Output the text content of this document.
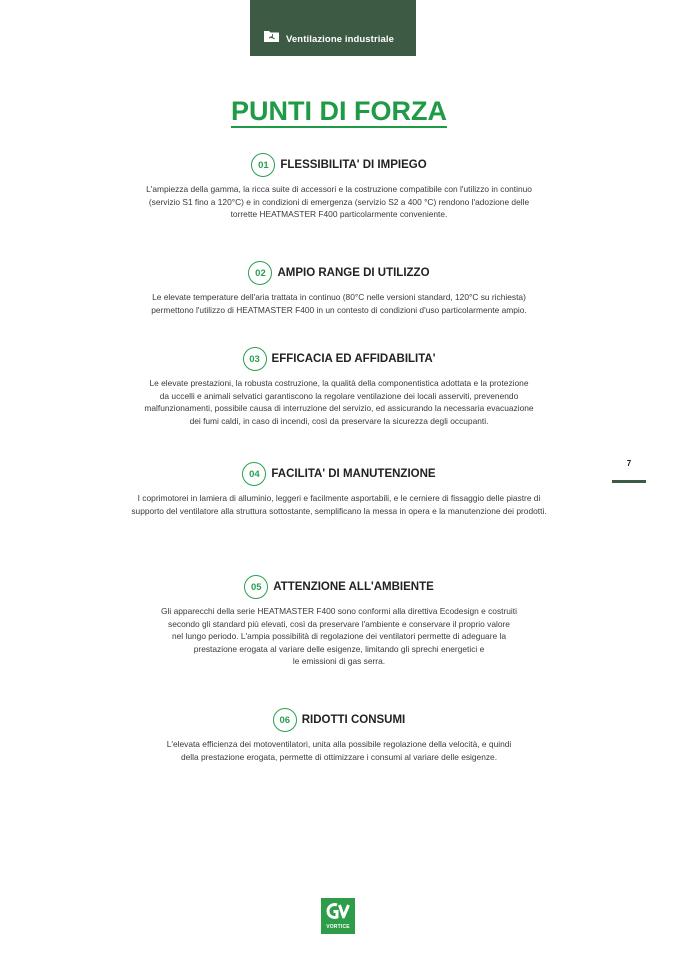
Ventilazione industriale
PUNTI DI FORZA
01	FLESSIBILITA' DI IMPIEGO

L'ampiezza della gamma, la ricca suite di accessori e la costruzione compatibile con l'utilizzo in continuo
(servizio S1 fino a 120°C) e in condizioni di emergenza (servizio S2 a 400 °C) rendono l'adozione delle
torrette HEATMASTER F400 particolarmente conveniente.

02	AMPIO RANGE DI UTILIZZO

Le elevate temperature dell'aria trattata in continuo (80°C nelle versioni standard, 120°C su richiesta)
permettono l'utilizzo di HEATMASTER F400 in un contesto di condizioni d'uso particolarmente ampio.

03	EFFICACIA ED AFFIDABILITA'

Le elevate prestazioni, la robusta costruzione, la qualità della componentistica adottata e la protezione
da uccelli e animali selvatici garantiscono la regolare ventilazione dei locali asserviti, prevenendo
malfunzionamenti, possibile causa di interruzione del servizio, ed assicurando la necessaria evacuazione
dei fumi caldi, in caso di incendi, così da preservare la sicurezza degli occupanti.

04	FACILITA' DI MANUTENZIONE

I coprimotorei in lamiera di alluminio, leggeri e facilmente asportabili, e le cerniere di fissaggio delle piastre di
supporto del ventilatore alla struttura sottostante, semplificano la messa in opera e la manutenzione dei prodotti.

05	ATTENZIONE ALL'AMBIENTE

Gli apparecchi della serie HEATMASTER F400 sono conformi alla direttiva Ecodesign e costruiti
secondo gli standard più elevati, così da preservare l'ambiente e conservare il proprio valore
nel lungo periodo. L'ampia possibilità di regolazione dei ventilatori permette di adeguare la
prestazione erogata al variare delle esigenze, limitando gli sprechi energetici e
le emissioni di gas serra.

06	RIDOTTI CONSUMI

L'elevata efficienza dei motoventilatori, unita alla possibile regolazione della velocità, e quindi
della prestazione erogata, permette di ottimizzare i consumi al variare delle esigenze.

7
VORTICE
